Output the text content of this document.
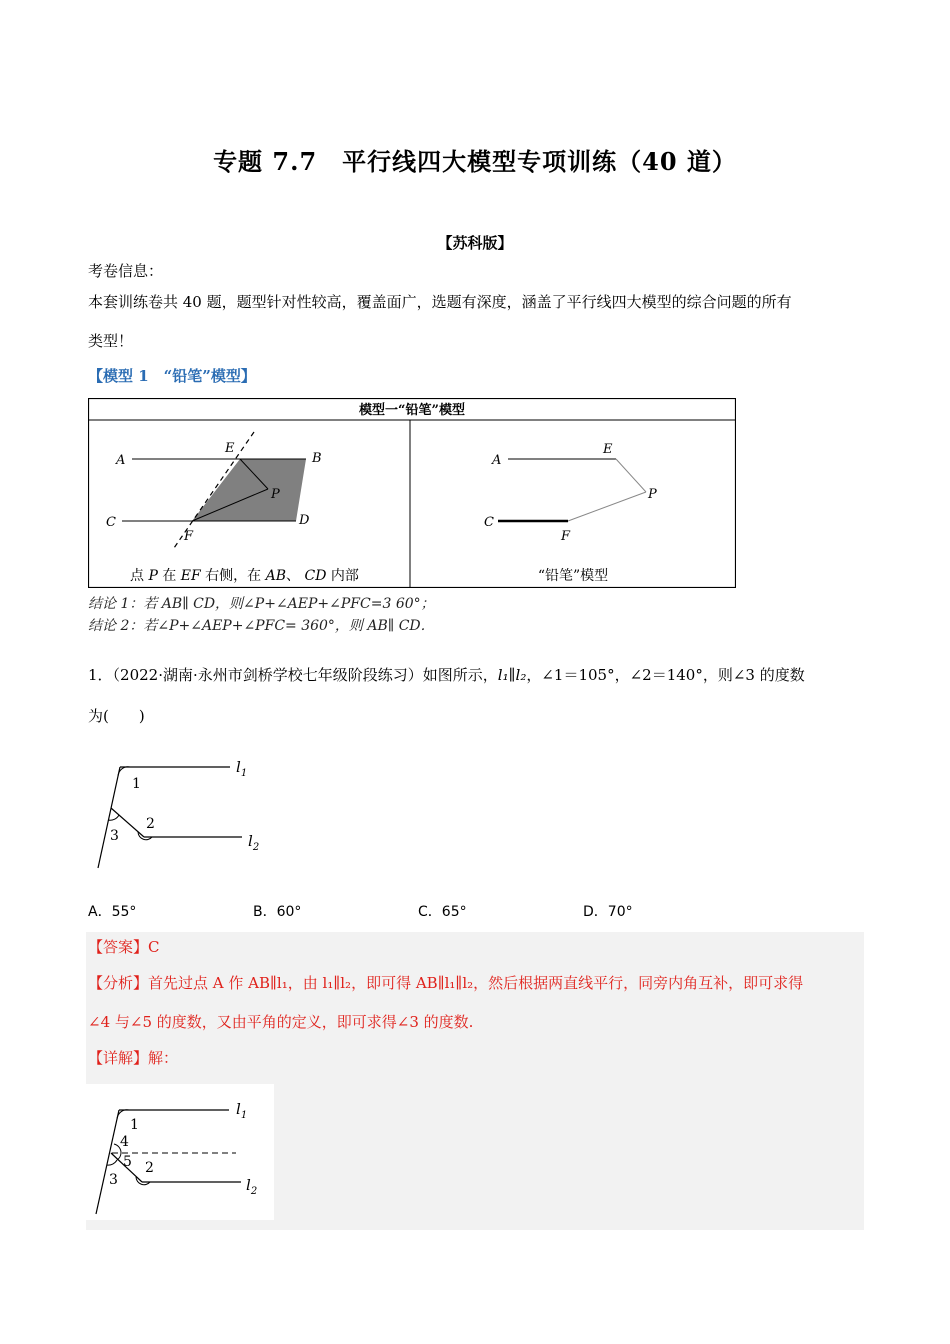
专题 7.7　平行线四大模型专项训练（40 道）
【苏科版】
考卷信息：
本套训练卷共 40 题，题型针对性较高，覆盖面广，选题有深度，涵盖了平行线四大模型的综合问题的所有
类型！
【模型 1　“铅笔”模型】
模型一“铅笔”模型
A	B
C	D
E
F
P
点 P 在 EF 右侧，在 AB、 CD 内部
A
C
E
F
P
“铅笔”模型
结论 1：若 AB∥ CD，则∠P+∠AEP+∠PFC=3 60°；
结论 2：若∠P+∠AEP+∠PFC= 360°，则 AB∥ CD．
1．（2022·湖南·永州市剑桥学校七年级阶段练习）如图所示，l₁∥l₂，∠1＝105°，∠2＝140°，则∠3 的度数
为(　　)
1
2
3
$l_1$
$l_2$
A．55°	B．60°	C．65°	D．70°
【答案】C
【分析】首先过点 A 作 AB∥l₁，由 l₁∥l₂，即可得 AB∥l₁∥l₂，然后根据两直线平行，同旁内角互补，即可求得
∠4 与∠5 的度数，又由平角的定义，即可求得∠3 的度数.
【详解】解：
1
4
5 2
3
$l_1$
$l_2$
